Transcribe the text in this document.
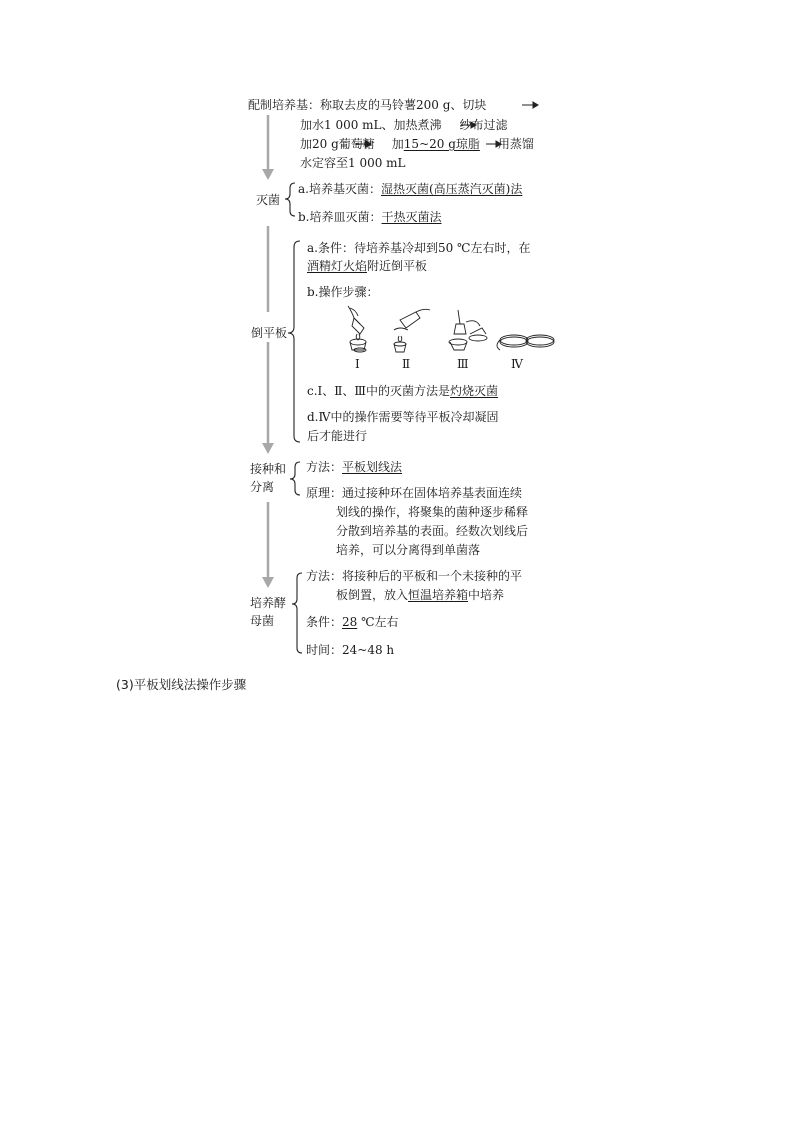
配制培养基： 称取去皮的马铃薯200 g、切块
加水1 000 mL、加热煮沸 纱布过滤
加20 g葡萄糖 加15~20 g琼脂 用蒸馏
水定容至1 000 mL
灭菌
a.培养基灭菌：湿热灭菌(高压蒸汽灭菌)法
b.培养皿灭菌：干热灭菌法
倒平板
a.条件：待培养基冷却到50 ℃左右时，在
酒精灯火焰附近倒平板
b.操作步骤：
Ⅰ	Ⅱ	Ⅲ	Ⅳ
c.Ⅰ、Ⅱ、Ⅲ中的灭菌方法是灼烧灭菌
d.Ⅳ中的操作需要等待平板冷却凝固
后才能进行
接种和
分离
方法：平板划线法
原理：通过接种环在固体培养基表面连续
划线的操作，将聚集的菌种逐步稀释
分散到培养基的表面。经数次划线后
培养，可以分离得到单菌落
培养酵
母菌
方法：将接种后的平板和一个未接种的平
板倒置，放入恒温培养箱中培养
条件：28 ℃左右
时间：24~48 h
(3)平板划线法操作步骤
